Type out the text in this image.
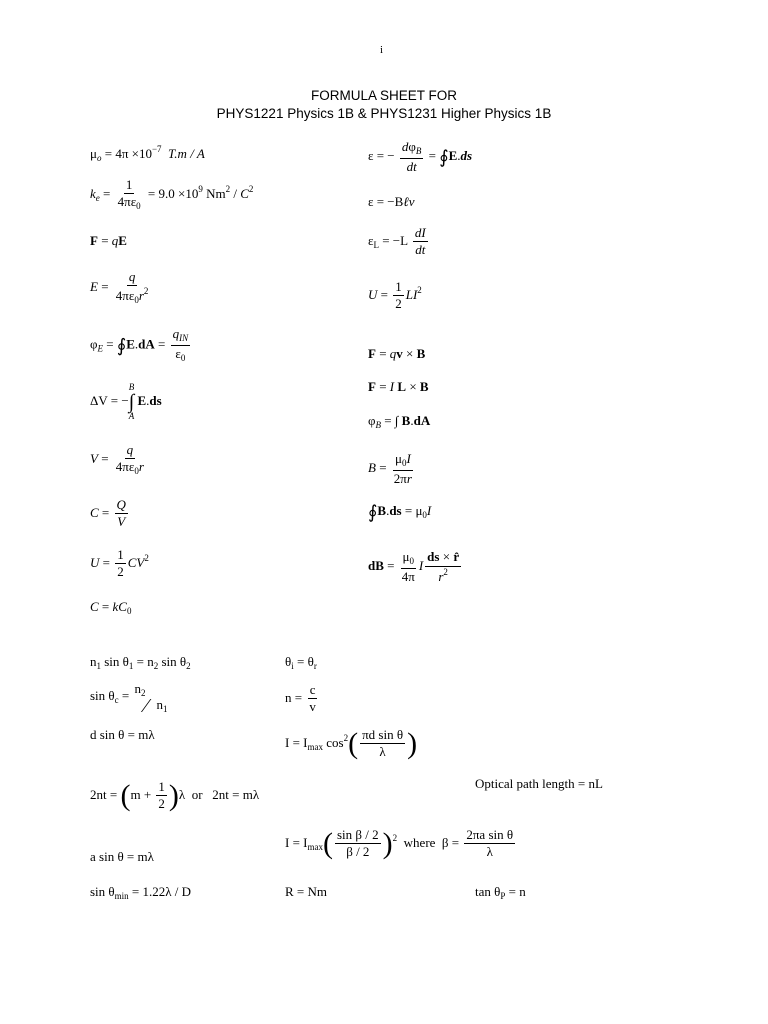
i
FORMULA SHEET FOR
PHYS1221 Physics 1B & PHYS1231 Higher Physics 1B
$\mu_o = 4\pi \times 10^{-7}$ T.m / A
$k_e = \frac{1}{4\pi\varepsilon_0} = 9.0 \times 10^9$ $Nm^2 / C^2$
F = qE
$E = \frac{q}{4\pi\varepsilon_0r^2}$
$\varphi_E$ = ∮E.dA = $\frac{q_{IN}}{\varepsilon_0}$
ΔV = −
B
∫
A
E.ds
$V = \frac{q}{4\pi\varepsilon_0r}$
$C = \frac{Q}{V}$
$U = \frac{1}{2} CV^2$
$C = kC_0$
ε = − $\frac{d\varphi_B}{dt}$ = ∮E.ds
ε = −Bℓv
$\varepsilon_L = -L \frac{dI}{dt}$
$U = \frac{1}{2} LI^2$
F = qv × B
F = I L × B
$\varphi_B$ = ∫ B.dA
$B = \frac{\mu_0I}{2\pi r}$
∮B.ds = $\mu_0I$
dB = $\frac{\mu_0}{4\pi}$ I $\frac{ds \times r̂}{r^2}$
$n_1$ $\sin \theta_1 = n_2$ $\sin \theta_2$	$\theta_i = \theta_r$
$\sin \theta_c = n_2$
⁄ $n_1$
$n = \frac{c}{v}$
d sin θ = mλ
$I = I_{max}$ $\cos^2( \frac{\text{πd sin θ}}{\lambda}$ )
$2nt = (m + \frac{1}{2} )\lambda$  or   2nt = mλ
Optical path length = nL
a sin θ = mλ
$I = I_{max}( \frac{\text{sin β / 2}}{\beta / 2} )^2$  where  $\beta = \frac{\text{2πa sin θ}}{\lambda}$
$\sin \theta_{min} = 1.22\lambda / D$	R = Nm	$\tan \theta_P = n$
